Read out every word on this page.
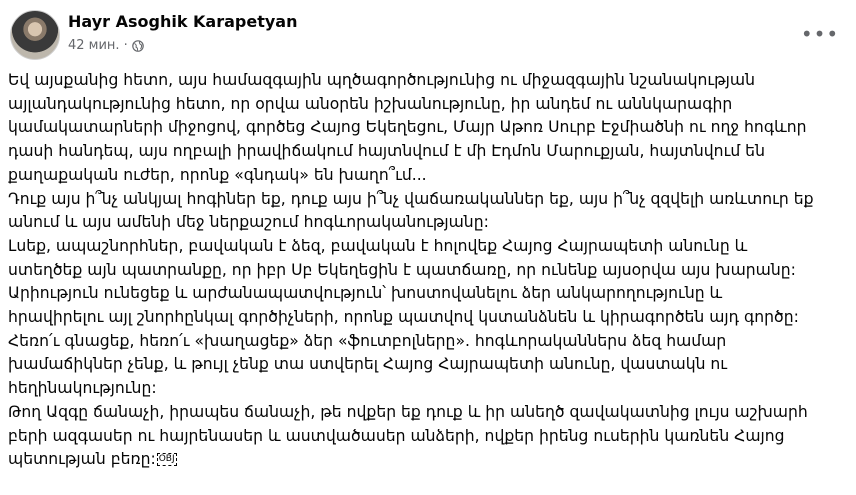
Hayr Asoghik Karapetyan
42 мин. ·	•••

Եվ այսքանից հետո, այս համազգային պղծագործությունից ու միջազգային նշանակության

այլանդակությունից հետո, որ օրվա անօրեն իշխանությունը, իր անդեմ ու աննկարագիր

կամակատարների միջոցով, գործեց Հայոց Եկեղեցու, Մայր Աթոռ Սուրբ Էջմիածնի ու ողջ հոգևոր

դասի հանդեպ, այս ողբալի իրավիճակում հայտնվում է մի Էդմոն Մարուքյան, հայտնվում են

քաղաքական ուժեր, որոնք «գնդակ» են խաղո՞ւմ...

Դուք այս ի՞նչ անկյալ հոգիներ եք, դուք այս ի՞նչ վաճառականներ եք, այս ի՞նչ զզվելի առևտուր եք

անում և այս ամենի մեջ ներքաշում հոգևորականությանը:

Լսեք, ապաշնորհներ, բավական է ձեզ, բավական է հոլովեք Հայոց Հայրապետի անունը և

ստեղծեք այն պատրանքը, որ իբր Սբ Եկեղեցին է պատճառը, որ ունենք այսօրվա այս խարանը:

Արիություն ունեցեք և արժանապատվություն՝ խոստովանելու ձեր անկարողությունը և

հրավիրելու այլ շնորհընկալ գործիչների, որոնք պատվով կստանձնեն և կիրագործեն այդ գործը:

Հեռո՛ւ գնացեք, հեռո՛ւ «խաղացեք» ձեր «ֆուտբոլները». հոգևորականներս ձեզ համար

խամաճիկներ չենք, և թույլ չենք տա ստվերել Հայոց Հայրապետի անունը, վաստակն ու

հեղինակությունը:

Թող Ազգը ճանաչի, իրապես ճանաչի, թե ովքեր եք դուք և իր անեղծ զավակատնից լույս աշխարհ

բերի ազգասեր ու հայրենասեր և աստվածասեր անձերի, ովքեր իրենց ուսերին կառնեն Հայոց

պետության բեռը: OBJ
